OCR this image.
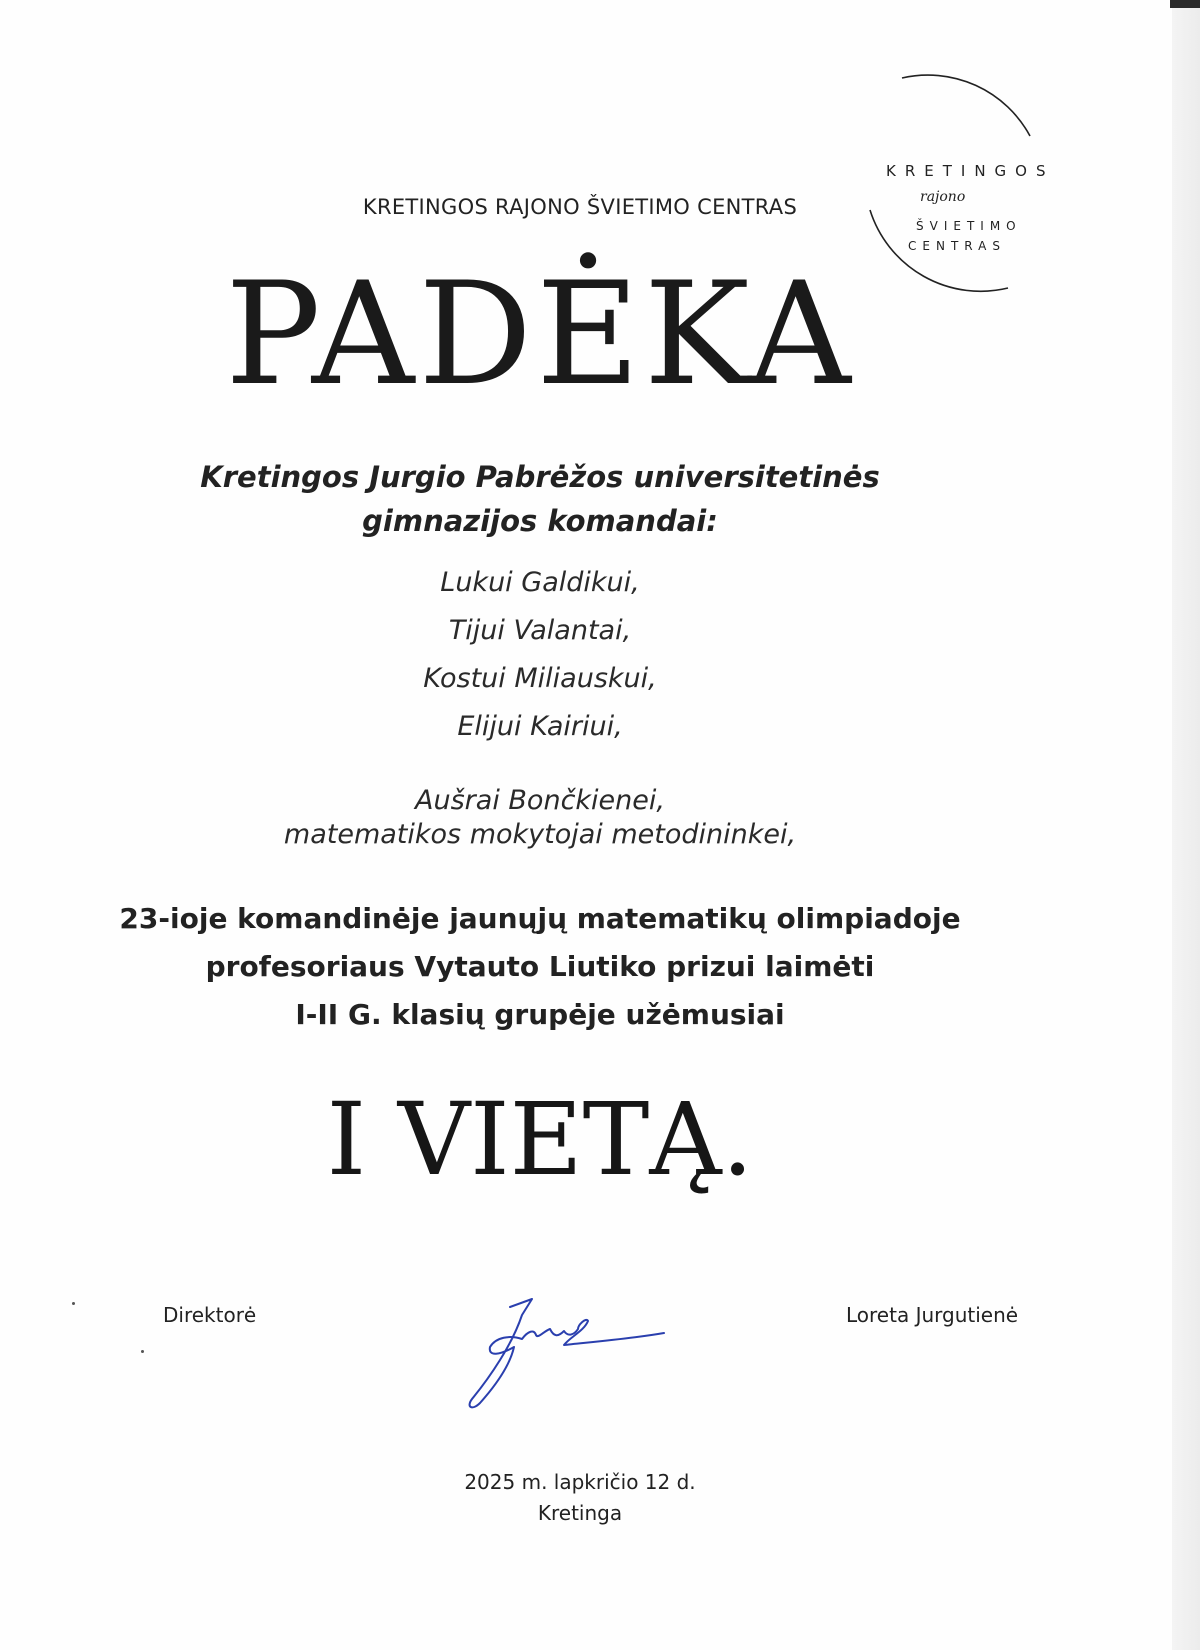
KRETINGOS RAJONO ŠVIETIMO CENTRAS
KRETINGOS
rajono
ŠVIETIMO
CENTRAS
PADĖKA
Kretingos Jurgio Pabrėžos universitetinės
gimnazijos komandai:
Lukui Galdikui,
Tijui Valantai,
Kostui Miliauskui,
Elijui Kairiui,
Aušrai Bončkienei,
matematikos mokytojai metodininkei,
23-ioje komandinėje jaunųjų matematikų olimpiadoje
profesoriaus Vytauto Liutiko prizui laimėti
I-II G. klasių grupėje užėmusiai
I VIETĄ.
Direktorė	Loreta Jurgutienė
2025 m. lapkričio 12 d.
Kretinga
